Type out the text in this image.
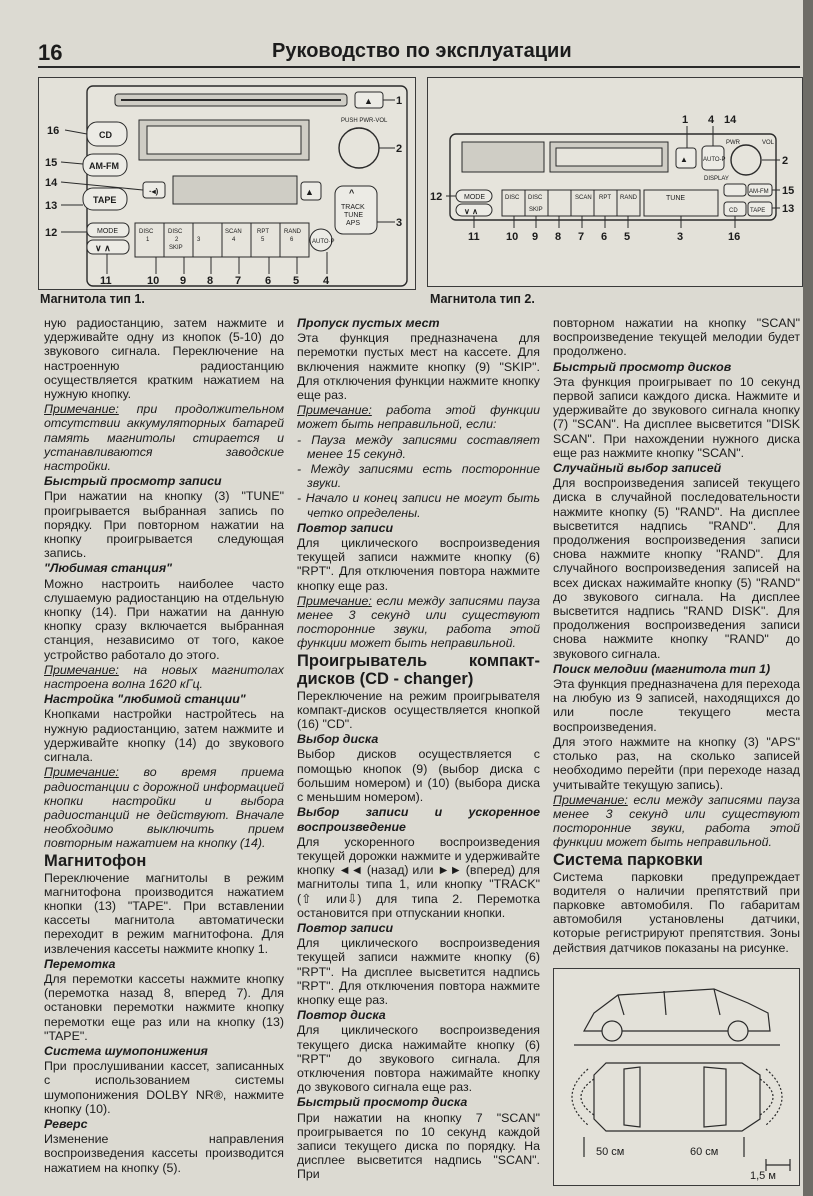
16	Руководство по эксплуатации
▲
PUSH PWR-VOL
CD
AM-FM
TAPE
·◂)	▲	^
TRACK
TUNE
APS
MODE
∨ ∧
DISC
1
DISC
2
SKIP
3
SCAN
4
RPT
5
RAND
6	AUTO·P
1
2
3
4
5
6
7
8
9
10
11
12
13
14
15
16
Магнитола тип 1.
▲	AUTO-P
PWR
DISPLAY
VOL
MODE
∨ ∧
DISC DISC
SKIP
SCAN RPT RAND	TUNE
AM-FM
CD TAPE
1 4 14
2
15
13
12
11 10 9 8 7 6 5	3	16
Магнитола тип 2.

ную радиостанцию, затем нажмите и удерживайте одну из кнопок (5-10) до звукового сигнала. Переключение на настроенную радиостанцию осуществляется кратким нажатием на нужную кнопку.

Примечание: при продолжительном отсутствии аккумуляторных батарей память магнитолы стирается и устанавливаются заводские настройки.

Быстрый просмотр записи

При нажатии на кнопку (3) "TUNE" проигрывается выбранная запись по порядку. При повторном нажатии на кнопку проигрывается следующая запись.

"Любимая станция"

Можно настроить наиболее часто слушаемую радиостанцию на отдельную кнопку (14). При нажатии на данную кнопку сразу включается выбранная станция, независимо от того, какое устройство работало до этого.

Примечание: на новых магнитолах настроена волна 1620 кГц.

Настройка "любимой станции"

Кнопками настройки настройтесь на нужную радиостанцию, затем нажмите и удерживайте кнопку (14) до звукового сигнала.

Примечание: во время приема радиостанции с дорожной информацией кнопки настройки и выбора радиостанций не действуют. Вначале необходимо выключить прием повторным нажатием на кнопку (14).

Магнитофон

Переключение магнитолы в режим магнитофона производится нажатием кнопки (13) "TAPE". При вставлении кассеты магнитола автоматически переходит в режим магнитофона. Для извлечения кассеты нажмите кнопку 1.

Перемотка

Для перемотки кассеты нажмите кнопку (перемотка назад 8, вперед 7). Для остановки перемотки нажмите кнопку перемотки еще раз или на кнопку (13) "TAPE".

Система шумопонижения

При прослушивании кассет, записанных с использованием системы шумопонижения DOLBY NR®, нажмите кнопку (10).

Реверс

Изменение направления воспроизведения кассеты производится нажатием на кнопку (5).

Пропуск пустых мест

Эта функция предназначена для перемотки пустых мест на кассете. Для включения нажмите кнопку (9) "SKIP". Для отключения функции нажмите кнопку еще раз.

Примечание: работа этой функции может быть неправильной, если:

- Пауза между записями составляет менее 15 секунд.

- Между записями есть посторонние звуки.

- Начало и конец записи не могут быть четко определены.

Повтор записи

Для циклического воспроизведения текущей записи нажмите кнопку (6) "RPT". Для отключения повтора нажмите кнопку еще раз.

Примечание: если между записями пауза менее 3 секунд или существуют посторонние звуки, работа этой функции может быть неправильной.

Проигрыватель компакт-дисков (CD - changer)

Переключение на режим проигрывателя компакт-дисков осуществляется кнопкой (16) "CD".

Выбор диска

Выбор дисков осуществляется с помощью кнопок (9) (выбор диска с большим номером) и (10) (выбора диска с меньшим номером).

Выбор записи и ускоренное воспроизведение

Для ускоренного воспроизведения текущей дорожки нажмите и удерживайте кнопку ◄◄ (назад) или ►► (вперед) для магнитолы типа 1, или кнопку "TRACK" (⇧ или⇩) для типа 2. Перемотка остановится при отпускании кнопки.

Повтор записи

Для циклического воспроизведения текущей записи нажмите кнопку (6) "RPT". На дисплее высветится надпись "RPT". Для отключения повтора нажмите кнопку еще раз.

Повтор диска

Для циклического воспроизведения текущего диска нажимайте кнопку (6) "RPT" до звукового сигнала. Для отключения повтора нажимайте кнопку до звукового сигнала еще раз.

Быстрый просмотр диска

При нажатии на кнопку 7 "SCAN" проигрывается по 10 секунд каждой записи текущего диска по порядку. На дисплее высветится надпись "SCAN". При

повторном нажатии на кнопку "SCAN" воспроизведение текущей мелодии будет продолжено.

Быстрый просмотр дисков

Эта функция проигрывает по 10 секунд первой записи каждого диска. Нажмите и удерживайте до звукового сигнала кнопку (7) "SCAN". На дисплее высветится "DISK SCAN". При нахождении нужного диска еще раз нажмите кнопку "SCAN".

Случайный выбор записей

Для воспроизведения записей текущего диска в случайной последовательности нажмите кнопку (5) "RAND". На дисплее высветится надпись "RAND". Для продолжения воспроизведения записи снова нажмите кнопку "RAND". Для случайного воспроизведения записей на всех дисках нажимайте кнопку (5) "RAND" до звукового сигнала. На дисплее высветится надпись "RAND DISK". Для продолжения воспроизведения записи снова нажмите кнопку "RAND" до звукового сигнала.

Поиск мелодии (магнитола тип 1)

Эта функция предназначена для перехода на любую из 9 записей, находящихся до или после текущего места воспроизведения.

Для этого нажмите на кнопку (3) "APS" столько раз, на сколько записей необходимо перейти (при переходе назад учитывайте текущую запись).

Примечание: если между записями пауза менее 3 секунд или существуют посторонние звуки, работа этой функции может быть неправильной.

Система парковки

Система парковки предупреждает водителя о наличии препятствий при парковке автомобиля. По габаритам автомобиля установлены датчики, которые регистрируют препятствия. Зоны действия датчиков показаны на рисунке.

50 см	60 см
1,5 м
